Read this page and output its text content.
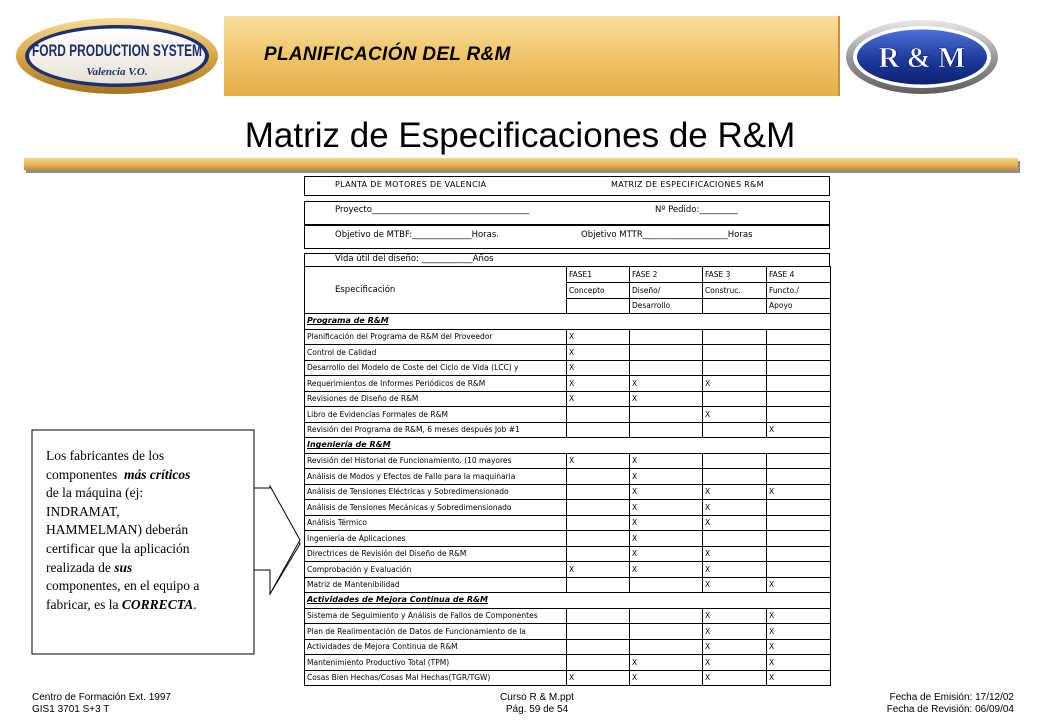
FORD PRODUCTION SYSTEM
Valencia V.O.
PLANIFICACIÓN DEL R&M	R & M
Matriz de Especificaciones de R&M
PLANTA DE MOTORES DE VALENCIA	MATRIZ DE ESPECIFICACIONES R&M
Proyecto_____________________________________	Nº Pedido:_________
Objetivo de MTBF:______________Horas.	Objetivo MTTR____________________Horas
Vida útil del diseño: ____________Años
	FASE1	FASE 2	FASE 3	FASE 4
Especificación	Concepto	Diseño/	Construc.	Functo./
		Desarrollo		Apoyo
Programa de R&M				
Planificación del Programa de R&M del Proveedor	X			
Control de Calidad	X			
Desarrollo del Modelo de Coste del Ciclo de Vida (LCC) y	X			
Requerimientos de Informes Periódicos de R&M	X	X	X	
Revisiones de Diseño de R&M	X	X		
Libro de Evidencias Formales de R&M			X	
Revisión del Programa de R&M, 6 meses después Job #1				X
Ingeniería de R&M				
Revisión del Historial de Funcionamiento. (10 mayores	X	X		
Análisis de Modos y Efectos de Fallo para la maquinaria		X		
Análisis de Tensiones Eléctricas y Sobredimensionado		X	X	X
Análisis de Tensiones Mecánicas y Sobredimensionado		X	X	
Análisis Térmico		X	X	
Ingeniería de Aplicaciones		X		
Directrices de Revisión del Diseño de R&M		X	X	
Comprobación y Evaluación	X	X	X	
Matriz de Mantenibilidad			X	X
Actividades de Mejora Continua de R&M				
Sistema de Seguimiento y Análisis de Fallos de Componentes			X	X
Plan de Realimentación de Datos de Funcionamiento de la			X	X
Actividades de Mejora Continua de R&M			X	X
Mantenimiento Productivo Total (TPM)		X	X	X
Cosas Bien Hechas/Cosas Mal Hechas(TGR/TGW)	X	X	X	X
Los fabricantes de los
componentes  más críticos
de la máquina (ej:
INDRAMAT,
HAMMELMAN) deberán
certificar que la aplicación
realizada de sus
componentes, en el equipo a
fabricar, es la CORRECTA.
Centro de Formación Ext. 1997
GIS1 3701 S+3 T
Curso R & M.ppt
Pág. 59 de 54
Fecha de Emisión: 17/12/02
Fecha de Revisión: 06/09/04
